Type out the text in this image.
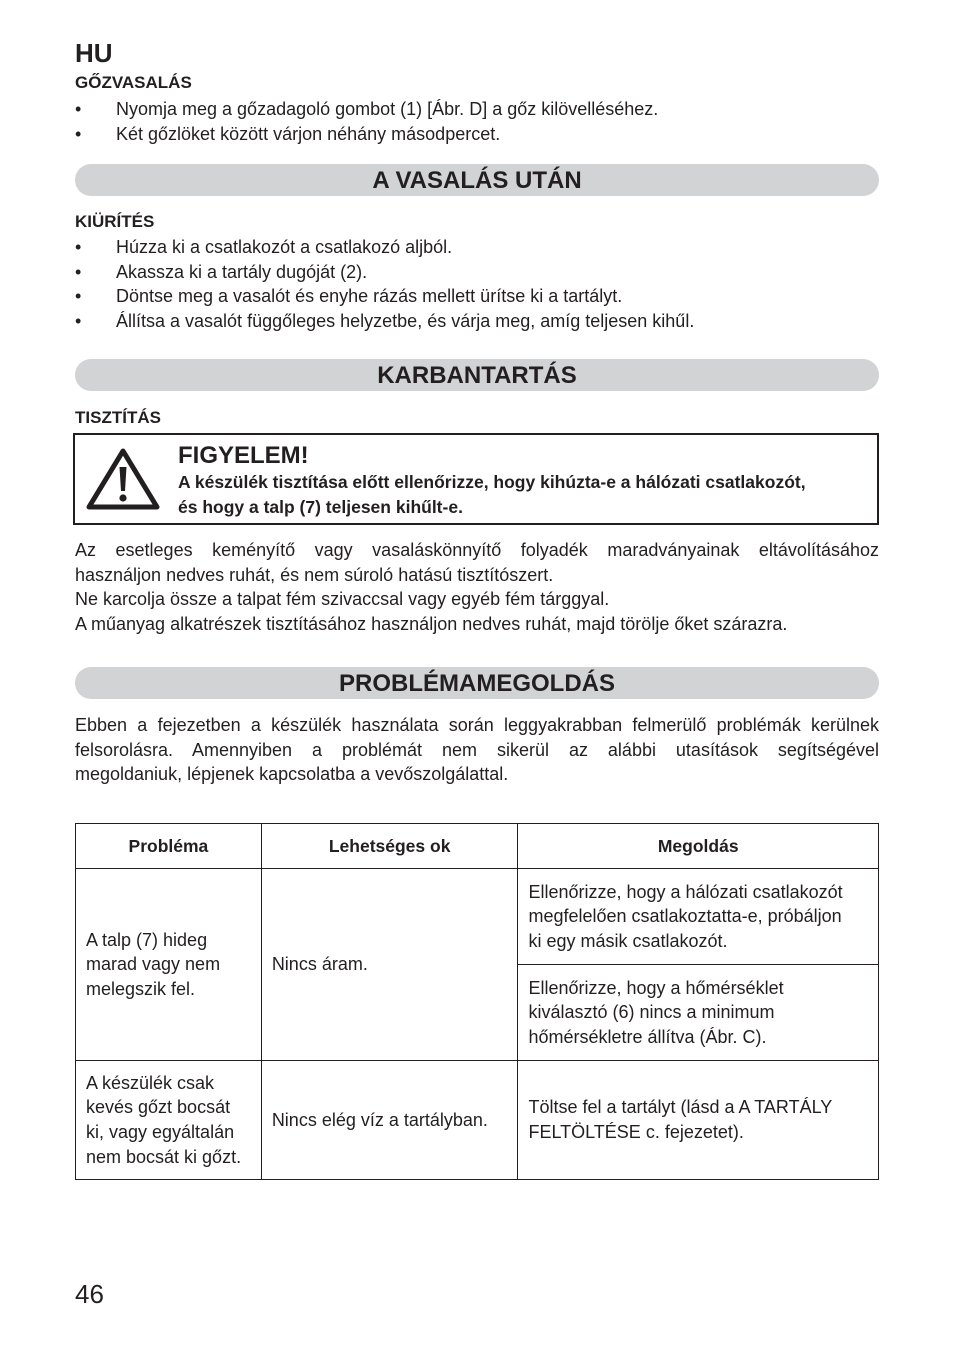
HU
GŐZVASALÁS
• Nyomja meg a gőzadagoló gombot (1) [Ábr. D] a gőz kilövelléséhez.
• Két gőzlöket között várjon néhány másodpercet.
A VASALÁS UTÁN
KIÜRÍTÉS
• Húzza ki a csatlakozót a csatlakozó aljból.
• Akassza ki a tartály dugóját (2).
• Döntse meg a vasalót és enyhe rázás mellett ürítse ki a tartályt.
• Állítsa a vasalót függőleges helyzetbe, és várja meg, amíg teljesen kihűl.
KARBANTARTÁS
TISZTÍTÁS
FIGYELEM!
A készülék tisztítása előtt ellenőrizze, hogy kihúzta-e a hálózati csatlakozót,
és hogy a talp (7) teljesen kihűlt-e.
Az esetleges keményítő vagy vasaláskönnyítő folyadék maradványainak eltávolításához
használjon nedves ruhát, és nem súroló hatású tisztítószert.
Ne karcolja össze a talpat fém szivaccsal vagy egyéb fém tárggyal.
A műanyag alkatrészek tisztításához használjon nedves ruhát, majd törölje őket szárazra.
PROBLÉMAMEGOLDÁS
Ebben a fejezetben a készülék használata során leggyakrabban felmerülő problémák kerülnek
felsorolásra. Amennyiben a problémát nem sikerül az alábbi utasítások segítségével
megoldaniuk, lépjenek kapcsolatba a vevőszolgálattal.
Probléma	Lehetséges ok	Megoldás

A talp (7) hideg
marad vagy nem
melegszik fel.	Nincs áram.	Ellenőrizze, hogy a hálózati csatlakozót
megfelelően csatlakoztatta-e, próbáljon
ki egy másik csatlakozót.

		Ellenőrizze, hogy a hőmérséklet
kiválasztó (6) nincs a minimum
hőmérsékletre állítva (Ábr. C).

A készülék csak
kevés gőzt bocsát
ki, vagy egyáltalán
nem bocsát ki gőzt.	Nincs elég víz a tartályban.	Töltse fel a tartályt (lásd a A TARTÁLY
FELTÖLTÉSE c. fejezetet).
46
